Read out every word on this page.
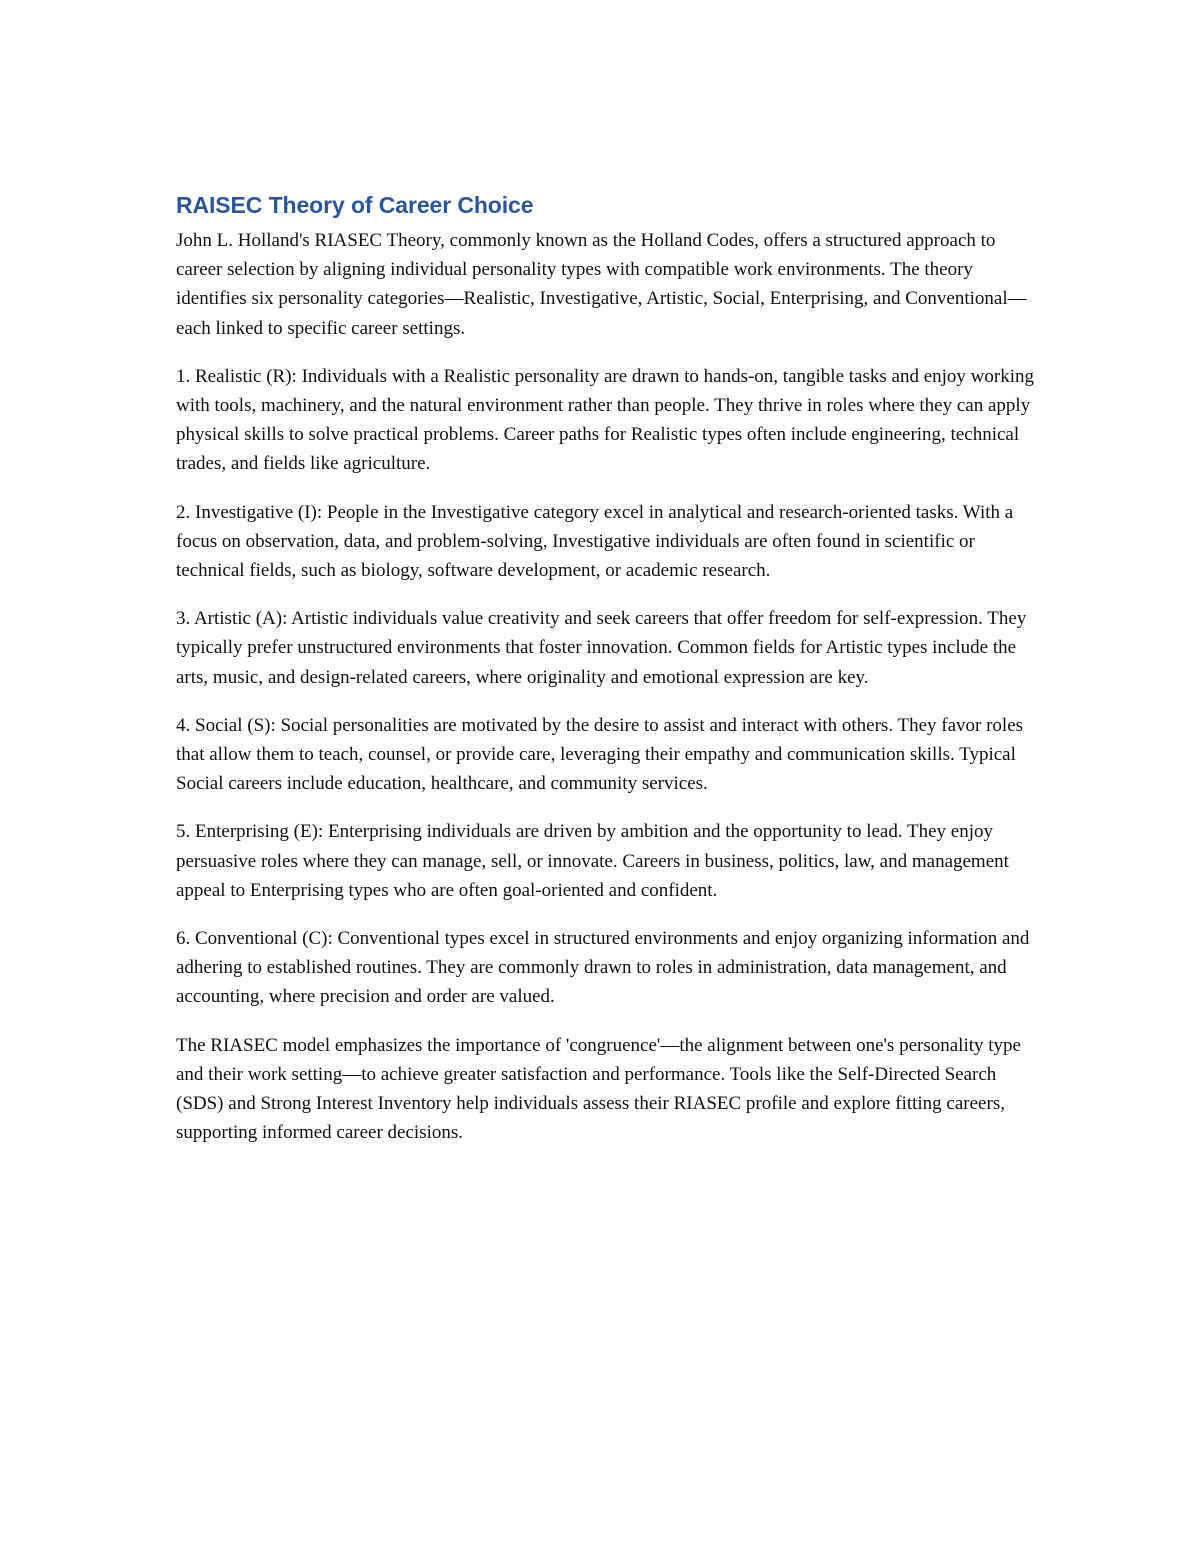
RAISEC Theory of Career Choice

John L. Holland's RIASEC Theory, commonly known as the Holland Codes, offers a structured approach to career selection by aligning individual personality types with compatible work environments. The theory identifies six personality categories—Realistic, Investigative, Artistic, Social, Enterprising, and Conventional—each linked to specific career settings.

1. Realistic (R): Individuals with a Realistic personality are drawn to hands-on, tangible tasks and enjoy working with tools, machinery, and the natural environment rather than people. They thrive in roles where they can apply physical skills to solve practical problems. Career paths for Realistic types often include engineering, technical trades, and fields like agriculture.

2. Investigative (I): People in the Investigative category excel in analytical and research-oriented tasks. With a focus on observation, data, and problem-solving, Investigative individuals are often found in scientific or technical fields, such as biology, software development, or academic research.

3. Artistic (A): Artistic individuals value creativity and seek careers that offer freedom for self-expression. They typically prefer unstructured environments that foster innovation. Common fields for Artistic types include the arts, music, and design-related careers, where originality and emotional expression are key.

4. Social (S): Social personalities are motivated by the desire to assist and interact with others. They favor roles that allow them to teach, counsel, or provide care, leveraging their empathy and communication skills. Typical Social careers include education, healthcare, and community services.

5. Enterprising (E): Enterprising individuals are driven by ambition and the opportunity to lead. They enjoy persuasive roles where they can manage, sell, or innovate. Careers in business, politics, law, and management appeal to Enterprising types who are often goal-oriented and confident.

6. Conventional (C): Conventional types excel in structured environments and enjoy organizing information and adhering to established routines. They are commonly drawn to roles in administration, data management, and accounting, where precision and order are valued.

The RIASEC model emphasizes the importance of 'congruence'—the alignment between one's personality type and their work setting—to achieve greater satisfaction and performance. Tools like the Self-Directed Search (SDS) and Strong Interest Inventory help individuals assess their RIASEC profile and explore fitting careers, supporting informed career decisions.
